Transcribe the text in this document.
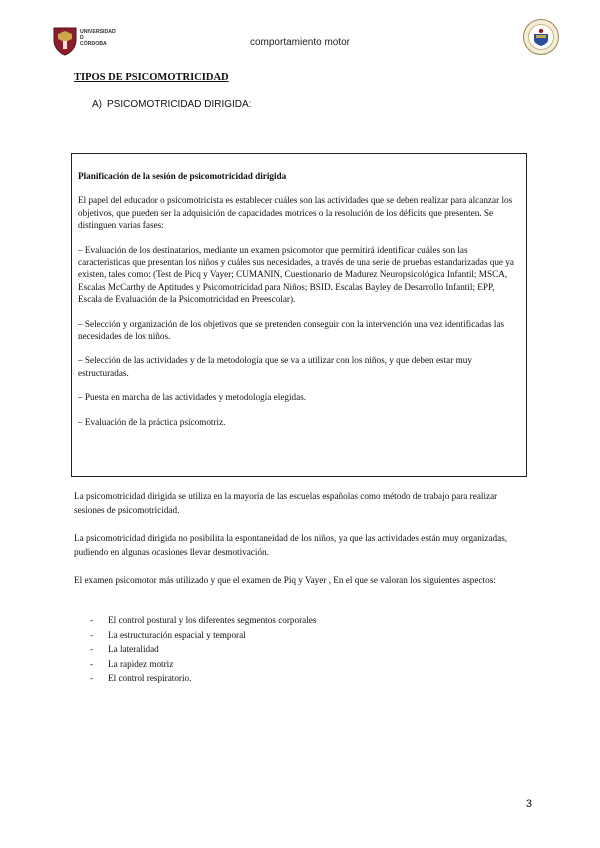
UNIVERSIDAD
D
CÓRDOBA	comportamiento motor
TIPOS DE PSICOMOTRICIDAD
A) PSICOMOTRICIDAD DIRIGIDA:
Planificación de la sesión de psicomotricidad dirigida

El papel del educador o psicomotricista es establecer cuáles son las actividades que se deben realizar para alcanzar los objetivos, que pueden ser la adquisición de capacidades motrices o la resolución de los déficits que presenten. Se distinguen varias fases:

– Evaluación de los destinatarios, mediante un examen psicomotor que permitirá identificar cuáles son las características que presentan los niños y cuáles sus necesidades, a través de una serie de pruebas estandarizadas que ya existen, tales como: (Test de Picq y Vayer; CUMANIN, Cuestionario de Madurez Neuropsicológica Infantil; MSCA, Escalas McCarthy de Aptitudes y Psicomotricidad para Niños; BSID. Escalas Bayley de Desarrollo Infantil; EPP, Escala de Evaluación de la Psicomotricidad en Preescolar).

– Selección y organización de los objetivos que se pretenden conseguir con la intervención una vez identificadas las necesidades de los niños.

– Selección de las actividades y de la metodología que se va a utilizar con los niños, y que deben estar muy estructuradas.

– Puesta en marcha de las actividades y metodología elegidas.

– Evaluación de la práctica psicomotriz.

La psicomotricidad dirigida se utiliza en la mayoría de las escuelas españolas como método de trabajo para realizar sesiones de psicomotricidad.
La psicomotricidad dirigida no posibilita la espontaneidad de los niños, ya que las actividades están muy organizadas, pudiendo en algunas ocasiones llevar desmotivación.
El examen psicomotor más utilizado y que el examen de Piq y Vayer , En el que se valoran los siguientes aspectos:
- El control postural y los diferentes segmentos corporales
- La estructuración espacial y temporal
- La lateralidad
- La rapidez motriz
- El control respiratorio.
3
